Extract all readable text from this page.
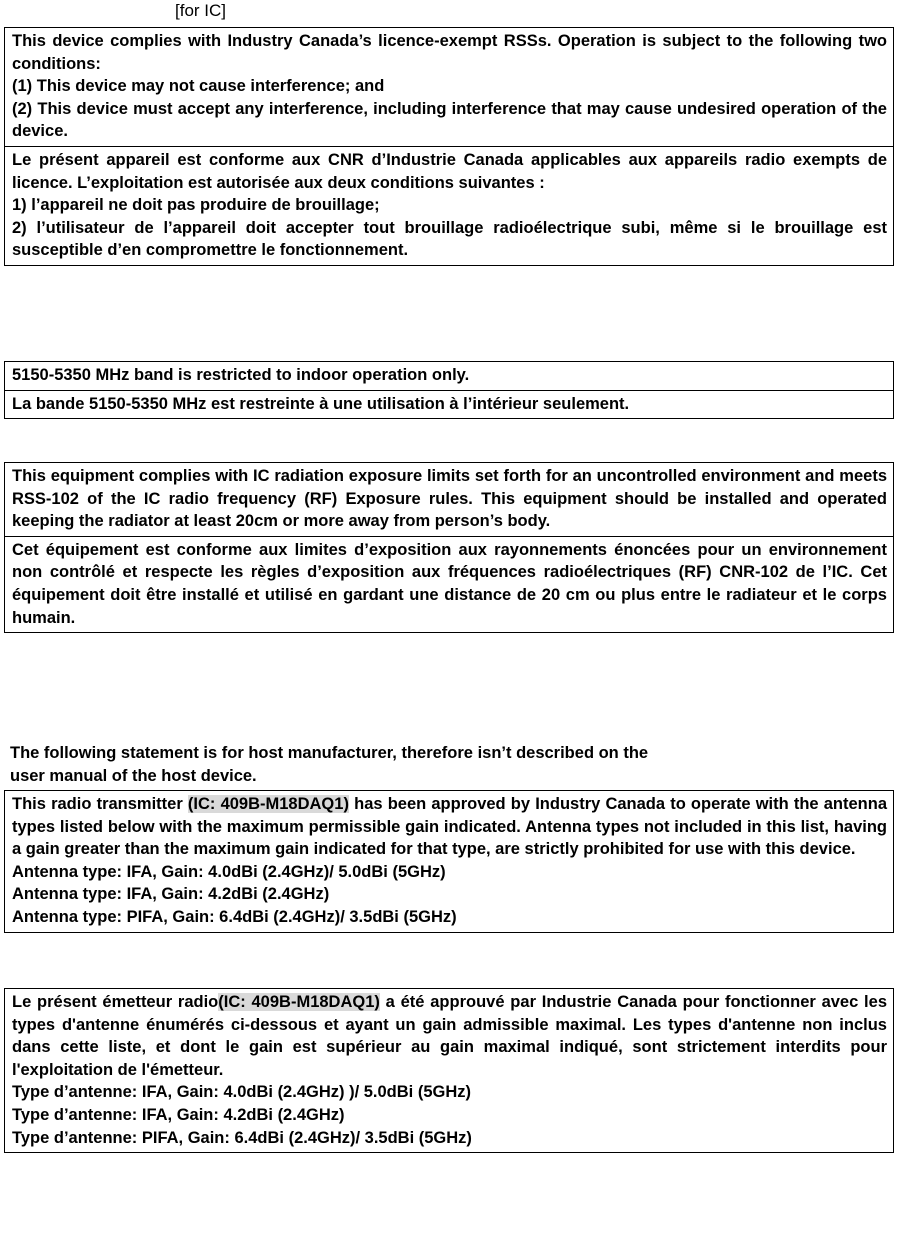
[for IC]

This device complies with Industry Canada’s licence-exempt RSSs. Operation is subject to the following two conditions:

(1) This device may not cause interference; and

(2) This device must accept any interference, including interference that may cause undesired operation of the device.

Le présent appareil est conforme aux CNR d’Industrie Canada applicables aux appareils radio exempts de licence. L’exploitation est autorisée aux deux conditions suivantes :

1) l’appareil ne doit pas produire de brouillage;

2) l’utilisateur de l’appareil doit accepter tout brouillage radioélectrique subi, même si le brouillage est susceptible d’en compromettre le fonctionnement.

5150-5350 MHz band is restricted to indoor operation only.

La bande 5150-5350 MHz est restreinte à une utilisation à l’intérieur seulement.

This equipment complies with IC radiation exposure limits set forth for an uncontrolled environment and meets RSS-102 of the IC radio frequency (RF) Exposure rules. This equipment should be installed and operated keeping the radiator at least 20cm or more away from person’s body.

Cet équipement est conforme aux limites d’exposition aux rayonnements énoncées pour un environnement non contrôlé et respecte les règles d’exposition aux fréquences radioélectriques (RF) CNR-102 de l’IC. Cet équipement doit être installé et utilisé en gardant une distance de 20 cm ou plus entre le radiateur et le corps humain.

The following statement is for host manufacturer, therefore isn’t described on the
user manual of the host device.

This radio transmitter (IC: 409B-M18DAQ1) has been approved by Industry Canada to operate with the antenna types listed below with the maximum permissible gain indicated. Antenna types not included in this list, having a gain greater than the maximum gain indicated for that type, are strictly prohibited for use with this device.

Antenna type: IFA, Gain: 4.0dBi (2.4GHz)/ 5.0dBi (5GHz)

Antenna type: IFA, Gain: 4.2dBi (2.4GHz)

Antenna type: PIFA, Gain: 6.4dBi (2.4GHz)/ 3.5dBi (5GHz)

Le présent émetteur radio(IC: 409B-M18DAQ1) a été approuvé par Industrie Canada pour fonctionner avec les types d'antenne énumérés ci‑dessous et ayant un gain admissible maximal. Les types d'antenne non inclus dans cette liste, et dont le gain est supérieur au gain maximal indiqué, sont strictement interdits pour l'exploitation de l'émetteur.

Type d’antenne: IFA, Gain: 4.0dBi (2.4GHz) )/ 5.0dBi (5GHz)

Type d’antenne: IFA, Gain: 4.2dBi (2.4GHz)

Type d’antenne: PIFA, Gain: 6.4dBi (2.4GHz)/ 3.5dBi (5GHz)
